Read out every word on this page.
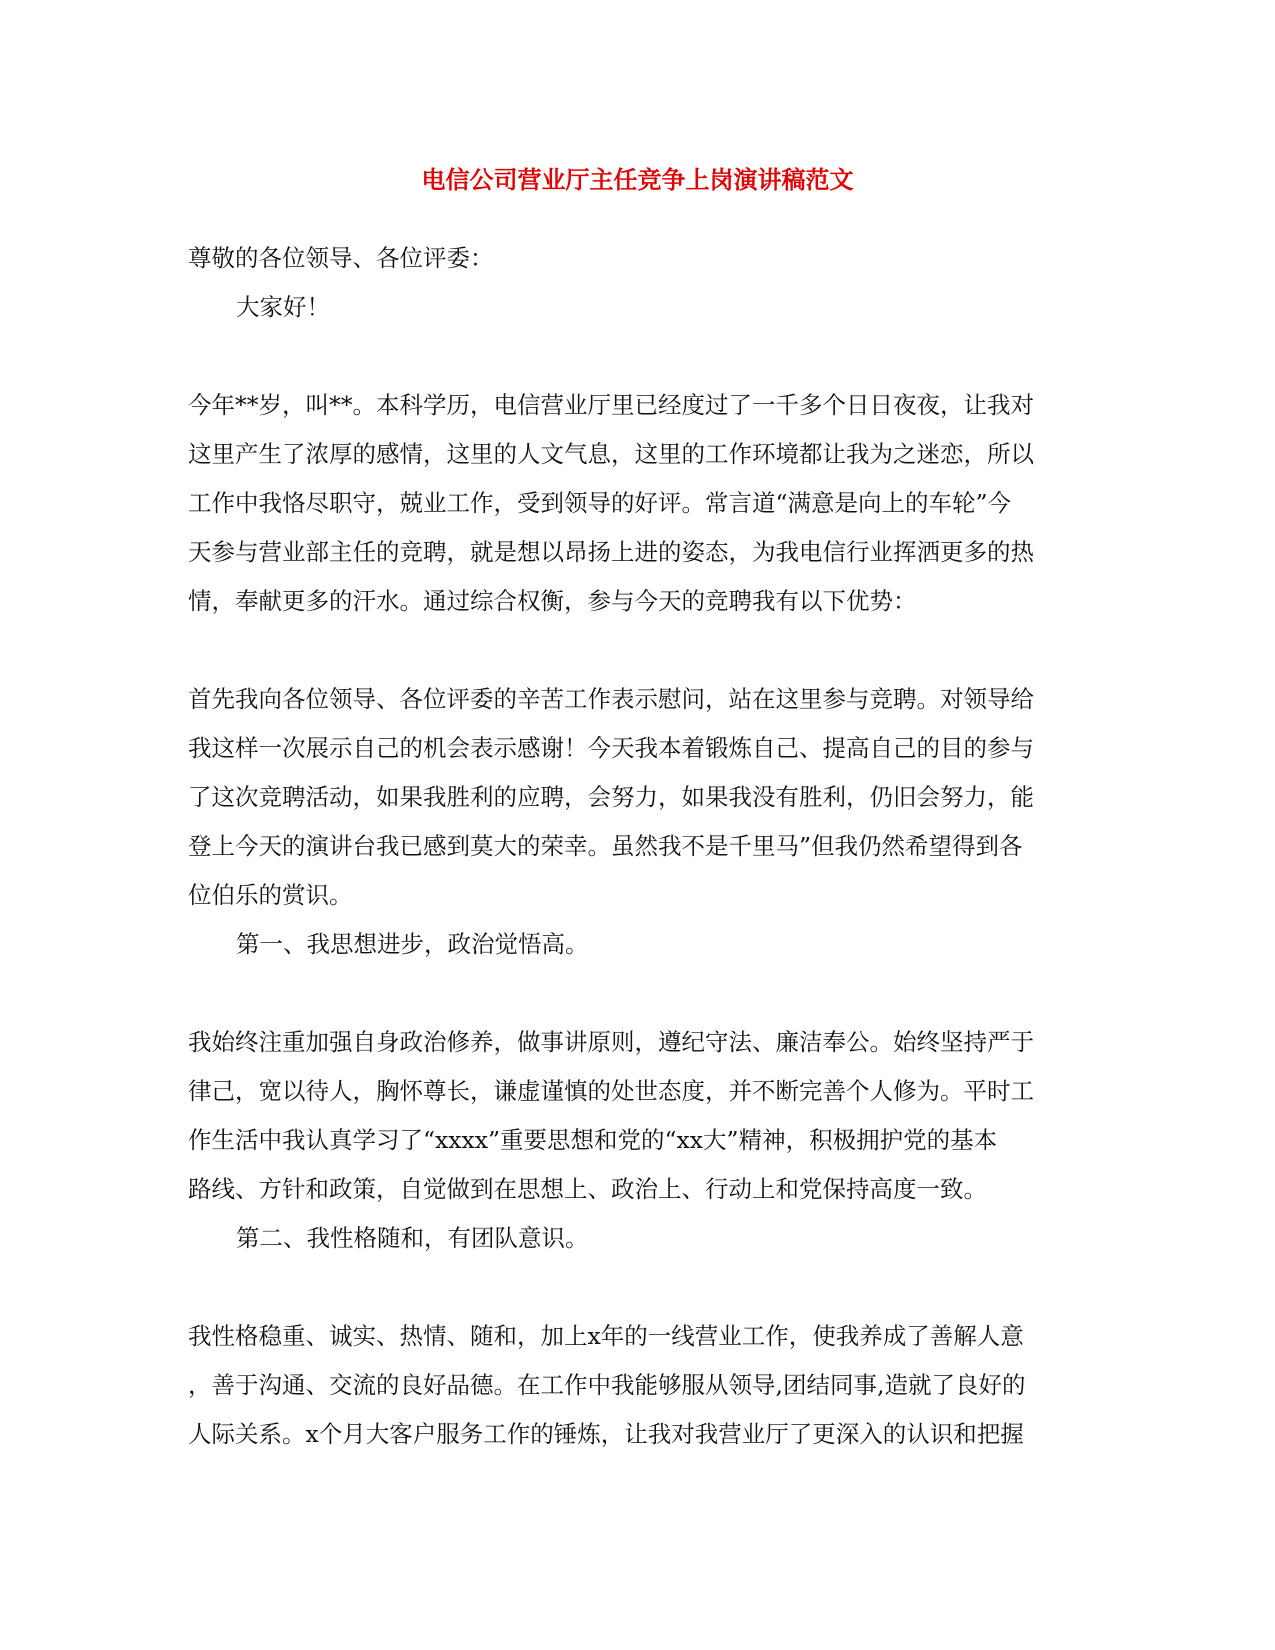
电信公司营业厅主任竞争上岗演讲稿范文
尊敬的各位领导、各位评委：
大家好！
今年**岁，叫**。本科学历，电信营业厅里已经度过了一千多个日日夜夜，让我对
这里产生了浓厚的感情，这里的人文气息，这里的工作环境都让我为之迷恋，所以
工作中我恪尽职守，兢业工作，受到领导的好评。常言道“满意是向上的车轮”今
天参与营业部主任的竞聘，就是想以昂扬上进的姿态，为我电信行业挥洒更多的热
情，奉献更多的汗水。通过综合权衡，参与今天的竞聘我有以下优势：
首先我向各位领导、各位评委的辛苦工作表示慰问，站在这里参与竞聘。对领导给
我这样一次展示自己的机会表示感谢！今天我本着锻炼自己、提高自己的目的参与
了这次竞聘活动，如果我胜利的应聘，会努力，如果我没有胜利，仍旧会努力，能
登上今天的演讲台我已感到莫大的荣幸。虽然我不是千里马”但我仍然希望得到各
位伯乐的赏识。
第一、我思想进步，政治觉悟高。
我始终注重加强自身政治修养，做事讲原则，遵纪守法、廉洁奉公。始终坚持严于
律己，宽以待人，胸怀尊长，谦虚谨慎的处世态度，并不断完善个人修为。平时工
作生活中我认真学习了“xxxx”重要思想和党的“xx大”精神，积极拥护党的基本
路线、方针和政策，自觉做到在思想上、政治上、行动上和党保持高度一致。
第二、我性格随和，有团队意识。
我性格稳重、诚实、热情、随和，加上x年的一线营业工作，使我养成了善解人意
，善于沟通、交流的良好品德。在工作中我能够服从领导,团结同事,造就了良好的
人际关系。x个月大客户服务工作的锤炼，让我对我营业厅了更深入的认识和把握
